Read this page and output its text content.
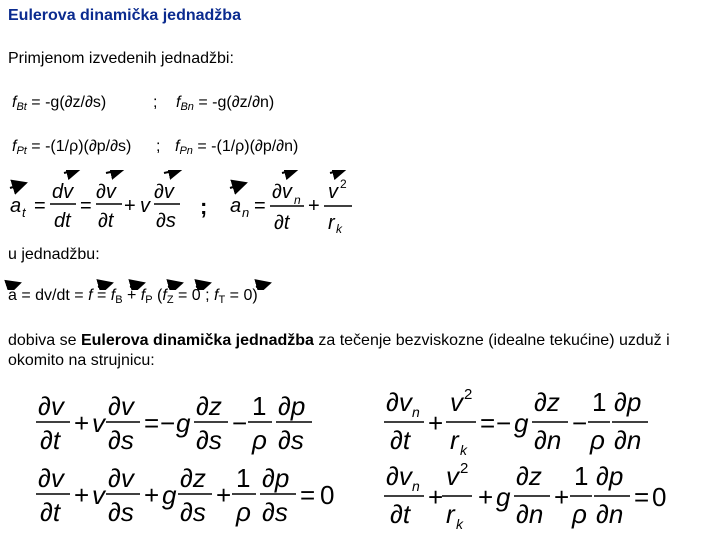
Eulerova dinamička jednadžba
Primjenom izvedenih jednadžbi:
$f_{Bt} = -g(\partial z/\partial s)$	; $f_{Bn} = -g(\partial z/\partial n)$
$f_{Pt} = -(1/\rho)(\partial p/\partial s)$ ; $f_{Pn} = -(1/\rho)(\partial p/\partial n)$
a t =
dv
dt
=
∂v
∂t
+ v
∂v
∂s
; a n =
∂v n
∂t
+
v 2
r k
u jednadžbu:
$a = dv/dt = f = f_B + f_P$ ($f_Z = 0$ ; $f_T = 0$)
dobiva se Eulerova dinamička jednadžba za tečenje bezviskozne (idealne tekućine) uzduž i okomito na strujnicu:
∂v
∂t
+ v
∂v
∂s
= − g
∂z
∂s
−
1
ρ
∂p
∂s
∂v
∂t
+ v
∂v
∂s
+ g
∂z
∂s
+
1
ρ
∂p
∂s
= 0
∂v n
∂t
+
v 2
r k
= − g
∂z
∂n
−
1
ρ
∂p
∂n
∂v n
∂t
+
v 2
r k
+ g
∂z
∂n
+
1
ρ
∂p
∂n
= 0
